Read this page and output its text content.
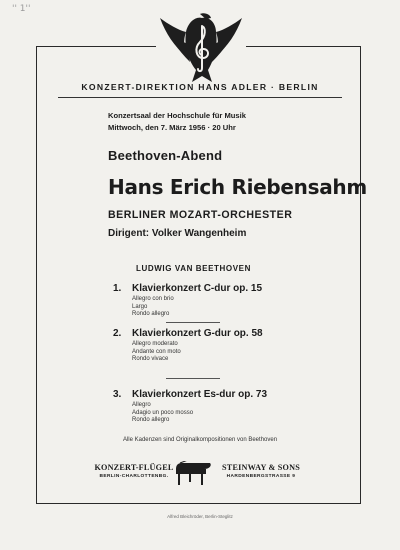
'' 1''
KONZERT-DIREKTION HANS ADLER · BERLIN
Konzertsaal der Hochschule für Musik
Mittwoch, den 7. März 1956 · 20 Uhr
Beethoven-Abend
Hans Erich Riebensahm
BERLINER MOZART-ORCHESTER
Dirigent: Volker Wangenheim
LUDWIG VAN BEETHOVEN
1. Klavierkonzert C-dur op. 15
Allegro con brio
Largo
Rondo allegro
2. Klavierkonzert G-dur op. 58
Allegro moderato
Andante con moto
Rondo vivace
3. Klavierkonzert Es-dur op. 73
Allegro
Adagio un poco mosso
Rondo allegro
Alle Kadenzen sind Originalkompositionen von Beethoven
KONZERT-FLÜGEL
BERLIN-CHARLOTTENBG.
STEINWAY & SONS
HARDENBERGSTRASSE 9
Alfred Bleichröder, Berlin-Steglitz
